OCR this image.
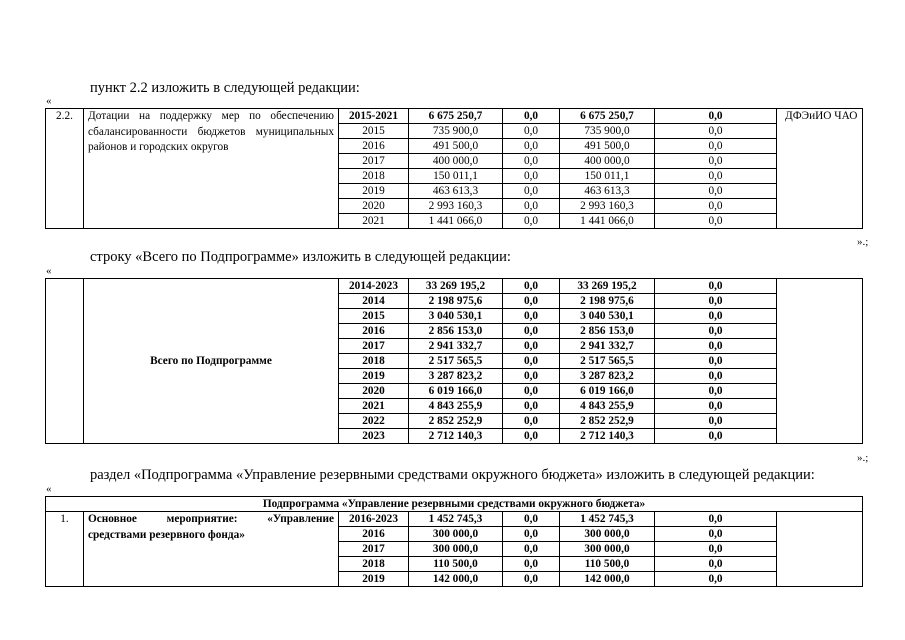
пункт 2.2 изложить в следующей редакции:
«
2.2.	Дотации на поддержку мер по обеспечению сбалансированности бюджетов муниципальных районов и городских округов	2015-2021	6 675 250,7	0,0	6 675 250,7	0,0	ДФЭиИО ЧАО
		2015	735 900,0	0,0	735 900,0	0,0	
		2016	491 500,0	0,0	491 500,0	0,0	
		2017	400 000,0	0,0	400 000,0	0,0	
		2018	150 011,1	0,0	150 011,1	0,0	
		2019	463 613,3	0,0	463 613,3	0,0	
		2020	2 993 160,3	0,0	2 993 160,3	0,0	
		2021	1 441 066,0	0,0	1 441 066,0	0,0	
».;
строку «Всего по Подпрограмме» изложить в следующей редакции:
«
	Всего по Подпрограмме	2014-2023	33 269 195,2	0,0	33 269 195,2	0,0	
		2014	2 198 975,6	0,0	2 198 975,6	0,0	
		2015	3 040 530,1	0,0	3 040 530,1	0,0	
		2016	2 856 153,0	0,0	2 856 153,0	0,0	
		2017	2 941 332,7	0,0	2 941 332,7	0,0	
		2018	2 517 565,5	0,0	2 517 565,5	0,0	
		2019	3 287 823,2	0,0	3 287 823,2	0,0	
		2020	6 019 166,0	0,0	6 019 166,0	0,0	
		2021	4 843 255,9	0,0	4 843 255,9	0,0	
		2022	2 852 252,9	0,0	2 852 252,9	0,0	
		2023	2 712 140,3	0,0	2 712 140,3	0,0	
».;
раздел «Подпрограмма «Управление резервными средствами окружного бюджета» изложить в следующей редакции:
«
Подпрограмма «Управление резервными средствами окружного бюджета»							
1.	Основное мероприятие: «Управление средствами резервного фонда»	2016-2023	1 452 745,3	0,0	1 452 745,3	0,0	
		2016	300 000,0	0,0	300 000,0	0,0	
		2017	300 000,0	0,0	300 000,0	0,0	
		2018	110 500,0	0,0	110 500,0	0,0	
		2019	142 000,0	0,0	142 000,0	0,0	
